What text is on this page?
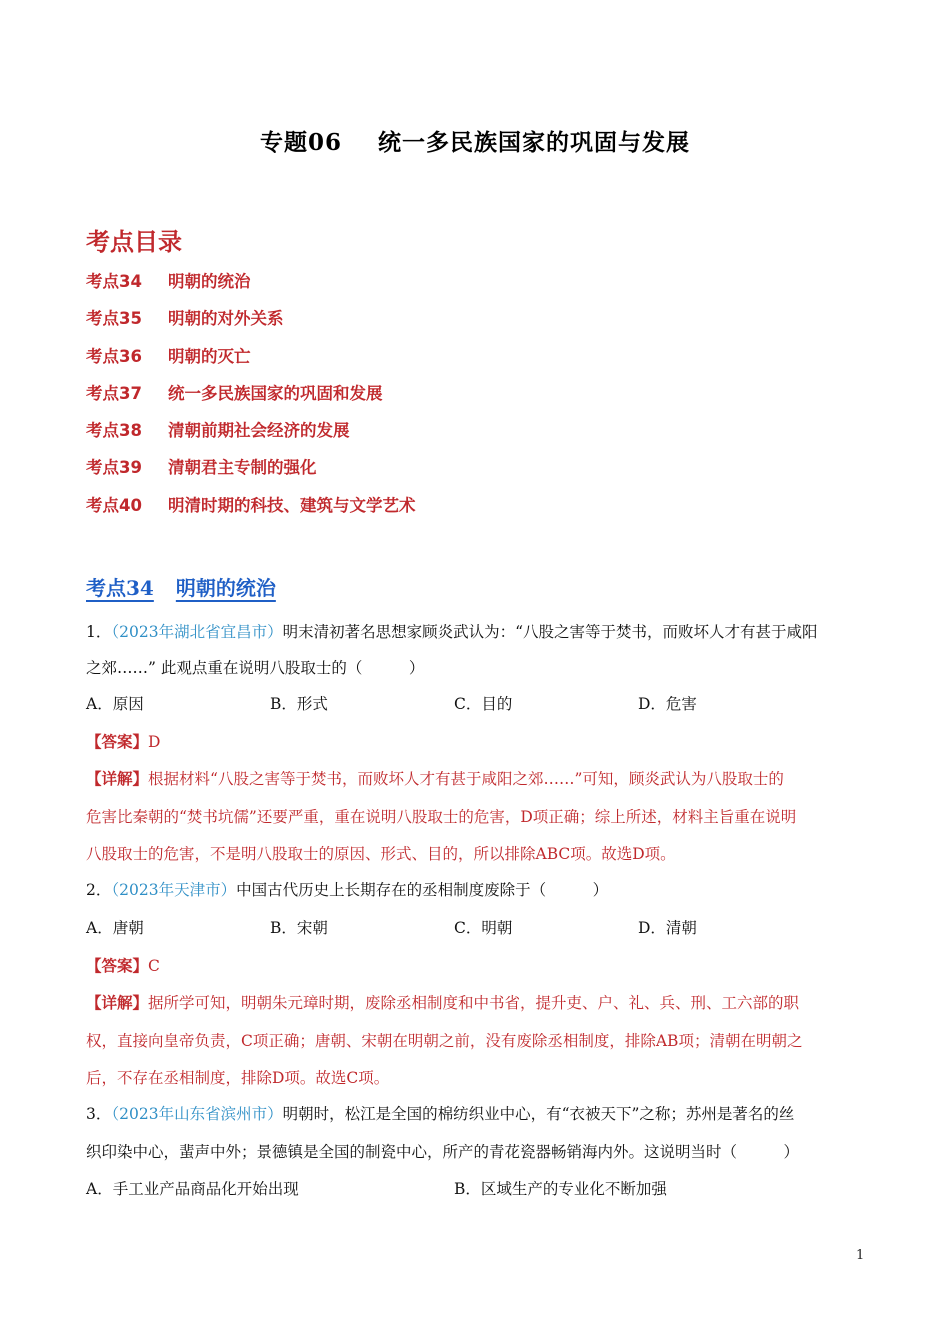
专题06 统一多民族国家的巩固与发展
考点目录
考点34 明朝的统治
考点35 明朝的对外关系
考点36 明朝的灭亡
考点37 统一多民族国家的巩固和发展
考点38 清朝前期社会经济的发展
考点39 清朝君主专制的强化
考点40 明清时期的科技、建筑与文学艺术
考点34 明朝的统治
1．（2023年湖北省宜昌市）明末清初著名思想家顾炎武认为：“八股之害等于焚书，而败坏人才有甚于咸阳
之郊……” 此观点重在说明八股取士的（　　　）
A．原因	B．形式	C．目的	D．危害
【答案】D
【详解】根据材料“八股之害等于焚书，而败坏人才有甚于咸阳之郊……”可知，顾炎武认为八股取士的
危害比秦朝的“焚书坑儒”还要严重，重在说明八股取士的危害，D项正确；综上所述，材料主旨重在说明
八股取士的危害，不是明八股取士的原因、形式、目的，所以排除ABC项。故选D项。
2．（2023年天津市）中国古代历史上长期存在的丞相制度废除于（　　　）
A．唐朝	B．宋朝	C．明朝	D．清朝
【答案】C
【详解】据所学可知，明朝朱元璋时期，废除丞相制度和中书省，提升吏、户、礼、兵、刑、工六部的职
权，直接向皇帝负责，C项正确；唐朝、宋朝在明朝之前，没有废除丞相制度，排除AB项；清朝在明朝之
后，不存在丞相制度，排除D项。故选C项。
3．（2023年山东省滨州市）明朝时，松江是全国的棉纺织业中心，有“衣被天下”之称；苏州是著名的丝
织印染中心，蜚声中外；景德镇是全国的制瓷中心，所产的青花瓷器畅销海内外。这说明当时（　　　）
A．手工业产品商品化开始出现	B．区域生产的专业化不断加强
1
